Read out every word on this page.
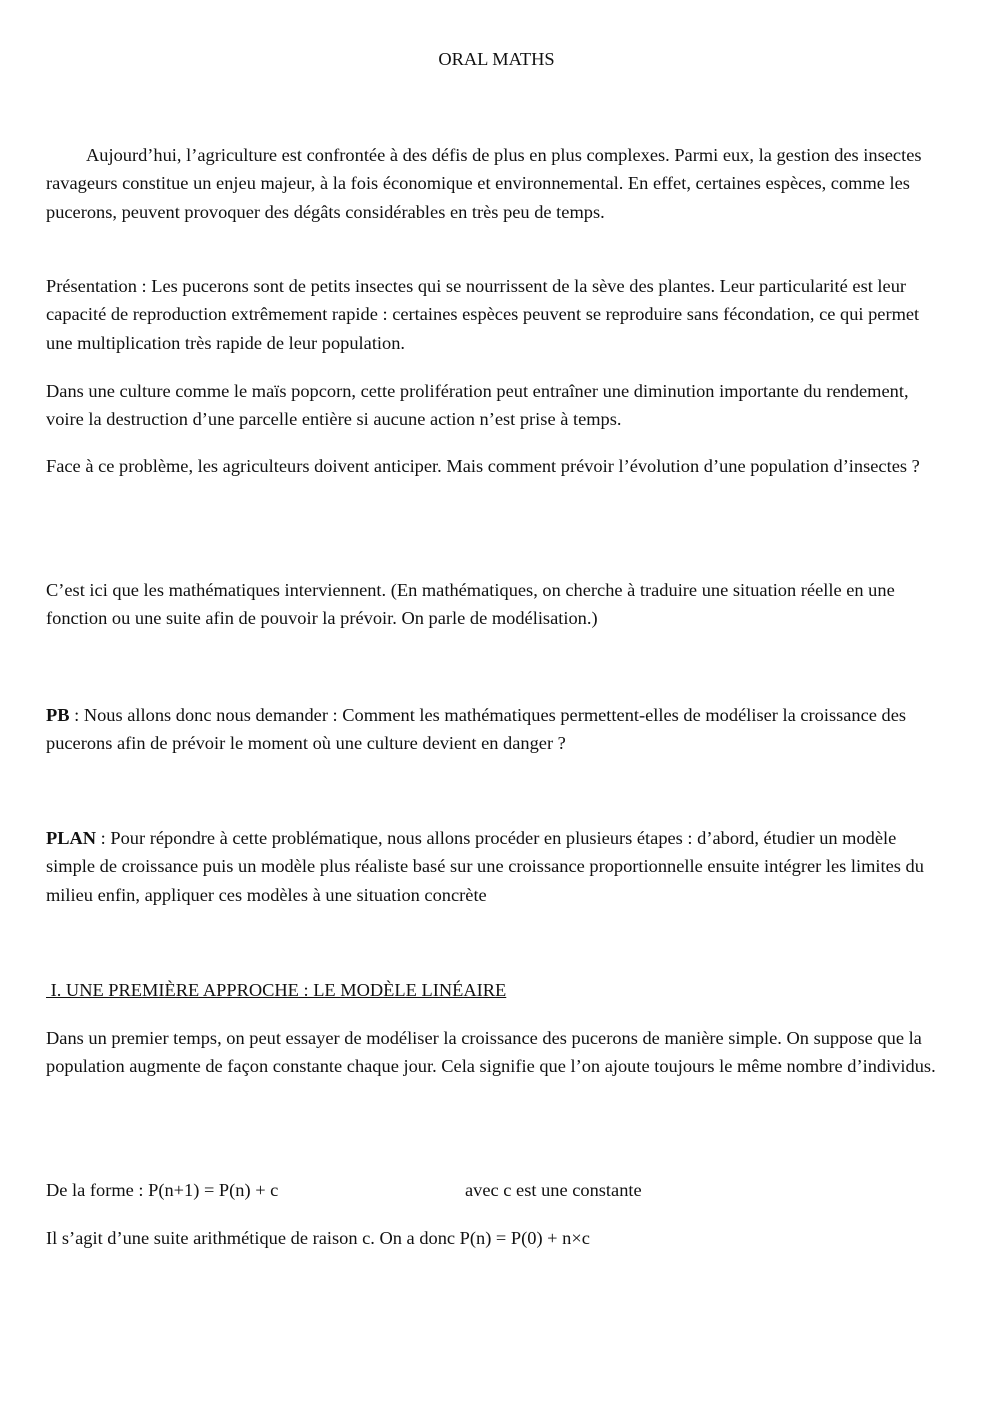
ORAL MATHS

Aujourd’hui, l’agriculture est confrontée à des défis de plus en plus complexes. Parmi eux, la gestion des insectes ravageurs constitue un enjeu majeur, à la fois économique et environnemental. En effet, certaines espèces, comme les pucerons, peuvent provoquer des dégâts considérables en très peu de temps.

Présentation : Les pucerons sont de petits insectes qui se nourrissent de la sève des plantes. Leur particularité est leur capacité de reproduction extrêmement rapide : certaines espèces peuvent se reproduire sans fécondation, ce qui permet une multiplication très rapide de leur population.

Dans une culture comme le maïs popcorn, cette prolifération peut entraîner une diminution importante du rendement, voire la destruction d’une parcelle entière si aucune action n’est prise à temps.

Face à ce problème, les agriculteurs doivent anticiper. Mais comment prévoir l’évolution d’une population d’insectes ?

C’est ici que les mathématiques interviennent. (En mathématiques, on cherche à traduire une situation réelle en une fonction ou une suite afin de pouvoir la prévoir. On parle de modélisation.)

PB : Nous allons donc nous demander : Comment les mathématiques permettent-elles de modéliser la croissance des pucerons afin de prévoir le moment où une culture devient en danger ?

PLAN : Pour répondre à cette problématique, nous allons procéder en plusieurs étapes : d’abord, étudier un modèle simple de croissance puis un modèle plus réaliste basé sur une croissance proportionnelle ensuite intégrer les limites du milieu enfin, appliquer ces modèles à une situation concrète

I. UNE PREMIÈRE APPROCHE : LE MODÈLE LINÉAIRE

Dans un premier temps, on peut essayer de modéliser la croissance des pucerons de manière simple. On suppose que la population augmente de façon constante chaque jour. Cela signifie que l’on ajoute toujours le même nombre d’individus.

De la forme : P(n+1) = P(n) + c	avec c est une constante

Il s’agit d’une suite arithmétique de raison c. On a donc P(n) = P(0) + n×c
